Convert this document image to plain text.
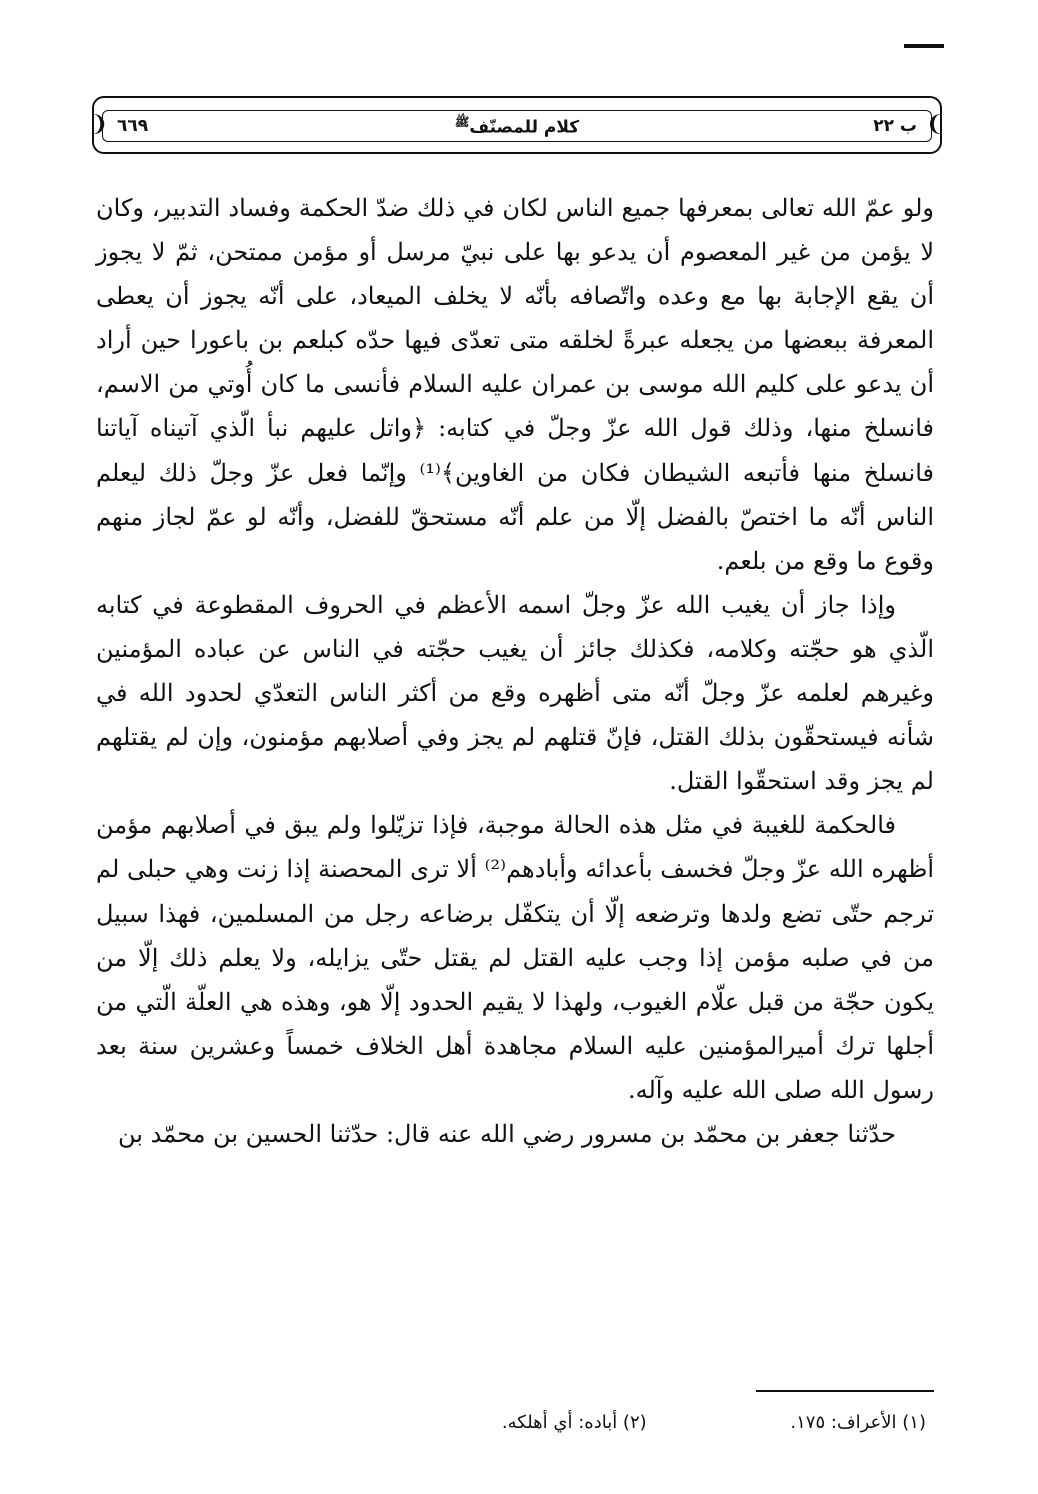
❨
❩	ب ٢٢
كلام للمصنّف$^ﷺ$
٦٦٩

ولو عمّ الله تعالى بمعرفها جميع الناس لكان في ذلك ضدّ الحكمة وفساد التدبير، وكان لا يؤمن من غير المعصوم أن يدعو بها على نبيّ مرسل أو مؤمن ممتحن، ثمّ لا يجوز أن يقع الإجابة بها مع وعده واتّصافه بأنّه لا يخلف الميعاد، على أنّه يجوز أن يعطى المعرفة ببعضها من يجعله عبرةً لخلقه متى تعدّى فيها حدّه كبلعم بن باعورا حين أراد أن يدعو على كليم الله موسى بن عمران عليه السلام فأنسى ما كان أُوتي من الاسم، فانسلخ منها، وذلك قول الله عزّ وجلّ في كتابه: ﴿واتل عليهم نبأ الّذي آتيناه آياتنا فانسلخ منها فأتبعه الشيطان فكان من الغاوين﴾⁽¹⁾ وإنّما فعل عزّ وجلّ ذلك ليعلم الناس أنّه ما اختصّ بالفضل إلّا من علم أنّه مستحقّ للفضل، وأنّه لو عمّ لجاز منهم وقوع ما وقع من بلعم.

وإذا جاز أن يغيب الله عزّ وجلّ اسمه الأعظم في الحروف المقطوعة في كتابه الّذي هو حجّته وكلامه، فكذلك جائز أن يغيب حجّته في الناس عن عباده المؤمنين وغيرهم لعلمه عزّ وجلّ أنّه متى أظهره وقع من أكثر الناس التعدّي لحدود الله في شأنه فيستحقّون بذلك القتل، فإنّ قتلهم لم يجز وفي أصلابهم مؤمنون، وإن لم يقتلهم لم يجز وقد استحقّوا القتل.

فالحكمة للغيبة في مثل هذه الحالة موجبة، فإذا تزيّلوا ولم يبق في أصلابهم مؤمن أظهره الله عزّ وجلّ فخسف بأعدائه وأبادهم⁽²⁾ ألا ترى المحصنة إذا زنت وهي حبلى لم ترجم حتّى تضع ولدها وترضعه إلّا أن يتكفّل برضاعه رجل من المسلمين، فهذا سبيل من في صلبه مؤمن إذا وجب عليه القتل لم يقتل حتّى يزايله، ولا يعلم ذلك إلّا من يكون حجّة من قبل علّام الغيوب، ولهذا لا يقيم الحدود إلّا هو، وهذه هي العلّة الّتي من أجلها ترك أميرالمؤمنين عليه السلام مجاهدة أهل الخلاف خمساً وعشرين سنة بعد رسول الله صلى الله عليه وآله.

حدّثنا جعفر بن محمّد بن مسرور رضي الله عنه قال: حدّثنا الحسين بن محمّد بن

(١) الأعراف: ١٧٥. (٢) أباده: أي أهلكه.
